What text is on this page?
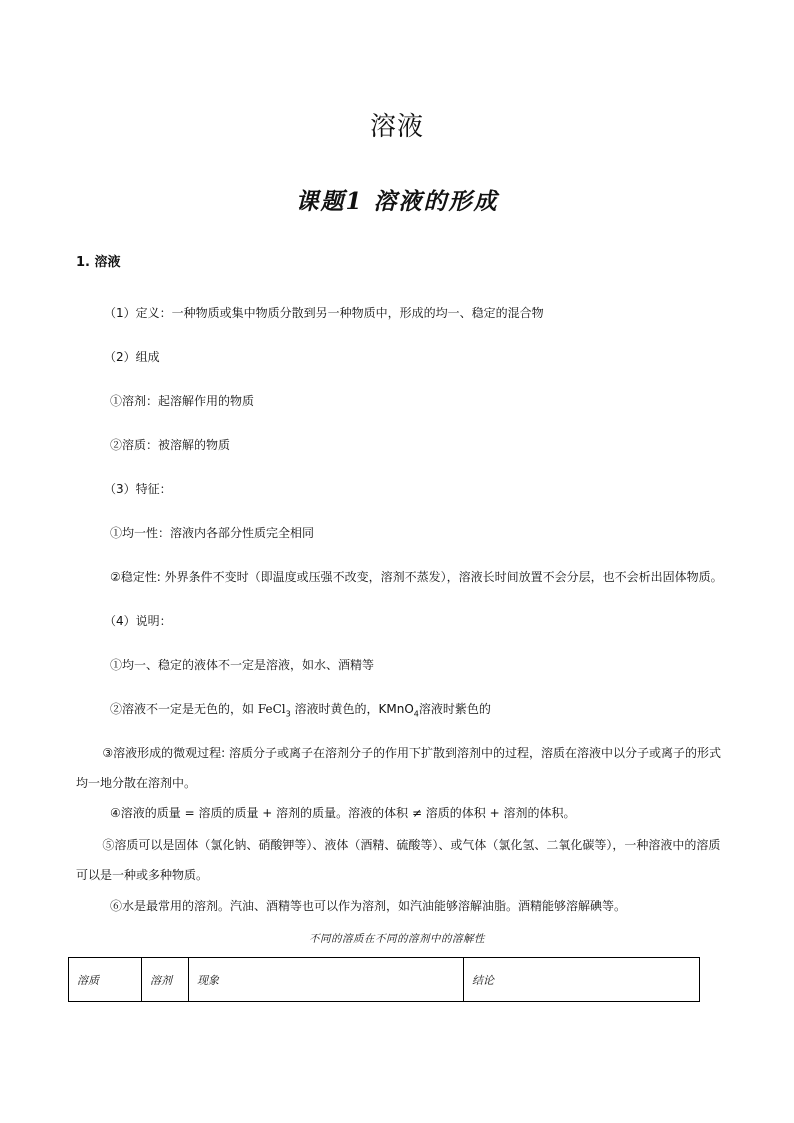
溶液
课题1 溶液的形成
1. 溶液
（1）定义：一种物质或集中物质分散到另一种物质中，形成的均一、稳定的混合物
（2）组成
①溶剂：起溶解作用的物质
②溶质：被溶解的物质
（3）特征：
①均一性：溶液内各部分性质完全相同
②稳定性: 外界条件不变时（即温度或压强不改变，溶剂不蒸发），溶液长时间放置不会分层，也不会析出固体物质。
（4）说明：
①均一、稳定的液体不一定是溶液，如水、酒精等
②溶液不一定是无色的，如 FeCl$_3$ 溶液时黄色的，KMnO$_4$溶液时紫色的
③溶液形成的微观过程: 溶质分子或离子在溶剂分子的作用下扩散到溶剂中的过程，溶质在溶液中以分子或离子的形式均一地分散在溶剂中。
④溶液的质量 = 溶质的质量 + 溶剂的质量。溶液的体积 ≠ 溶质的体积 + 溶剂的体积。
⑤溶质可以是固体（氯化钠、硝酸钾等）、液体（酒精、硫酸等）、或气体（氯化氢、二氧化碳等），一种溶液中的溶质可以是一种或多种物质。
⑥水是最常用的溶剂。汽油、酒精等也可以作为溶剂，如汽油能够溶解油脂。酒精能够溶解碘等。
不同的溶质在不同的溶剂中的溶解性
溶质	溶剂	现象	结论
